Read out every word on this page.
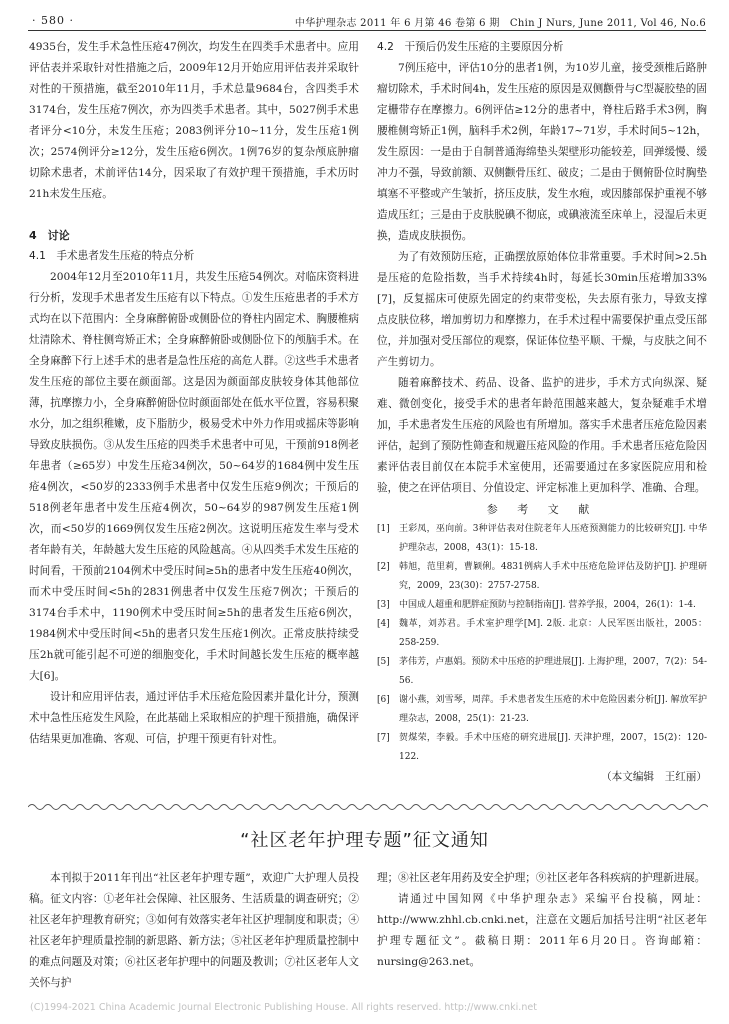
· 580 ·	中华护理杂志 2011 年 6 月第 46 卷第 6 期　Chin J Nurs, June 2011, Vol 46, No.6

4935台，发生手术急性压疮47例次，均发生在四类手术患者中。应用评估表并采取针对性措施之后，2009年12月开始应用评估表并采取针对性的干预措施，截至2010年11月，手术总量9684台，含四类手术3174台，发生压疮7例次，亦为四类手术患者。其中，5027例手术患者评分<10分，未发生压疮；2083例评分10~11分，发生压疮1例次；2574例评分≥12分，发生压疮6例次。1例76岁的复杂颅底肿瘤切除术患者，术前评估14分，因采取了有效护理干预措施，手术历时21h未发生压疮。

4　讨论

4.1　手术患者发生压疮的特点分析

2004年12月至2010年11月，共发生压疮54例次。对临床资料进行分析，发现手术患者发生压疮有以下特点。①发生压疮患者的手术方式均在以下范围内：全身麻醉俯卧或侧卧位的脊柱内固定术、胸腰椎病灶清除术、脊柱侧弯矫正术；全身麻醉俯卧或侧卧位下的颅脑手术。在全身麻醉下行上述手术的患者是急性压疮的高危人群。②这些手术患者发生压疮的部位主要在颜面部。这是因为颜面部皮肤较身体其他部位薄，抗摩擦力小，全身麻醉俯卧位时颜面部处在低水平位置，容易积聚水分，加之组织稚嫩，皮下脂肪少，极易受术中外力作用或摇床等影响导致皮肤损伤。③从发生压疮的四类手术患者中可见，干预前918例老年患者（≥65岁）中发生压疮34例次，50~64岁的1684例中发生压疮4例次，<50岁的2333例手术患者中仅发生压疮9例次；干预后的518例老年患者中发生压疮4例次，50~64岁的987例发生压疮1例次，而<50岁的1669例仅发生压疮2例次。这说明压疮发生率与受术者年龄有关，年龄越大发生压疮的风险越高。④从四类手术发生压疮的时间看，干预前2104例术中受压时间≥5h的患者中发生压疮40例次，而术中受压时间<5h的2831例患者中仅发生压疮7例次；干预后的3174台手术中，1190例术中受压时间≥5h的患者发生压疮6例次，1984例术中受压时间<5h的患者只发生压疮1例次。正常皮肤持续受压2h就可能引起不可逆的细胞变化，手术时间越长发生压疮的概率越大[6]。

设计和应用评估表，通过评估手术压疮危险因素并量化计分，预测术中急性压疮发生风险，在此基础上采取相应的护理干预措施，确保评估结果更加准确、客观、可信，护理干预更有针对性。

4.2　干预后仍发生压疮的主要原因分析

7例压疮中，评估10分的患者1例，为10岁儿童，接受颈椎后路肿瘤切除术，手术时间4h，发生压疮的原因是双侧颧骨与C型凝胶垫的固定栅带存在摩擦力。6例评估≥12分的患者中，脊柱后路手术3例，胸腰椎侧弯矫正1例，脑科手术2例，年龄17~71岁，手术时间5~12h，发生原因：一是由于自制普通海绵垫头架壁形功能较差，回弹缓慢、缓冲力不强，导致前额、双侧颧骨压红、破皮；二是由于侧俯卧位时胸垫填塞不平整或产生皱折，挤压皮肤，发生水疱，或因膝部保护重视不够造成压红；三是由于皮肤脱碘不彻底，或碘液流至床单上，浸湿后未更换，造成皮肤损伤。

为了有效预防压疮，正确摆放原始体位非常重要。手术时间>2.5h是压疮的危险指数，当手术持续4h时，每延长30min压疮增加33%[7]，反复摇床可使原先固定的约束带变松，失去原有张力，导致支撑点皮肤位移，增加剪切力和摩擦力，在手术过程中需要保护重点受压部位，并加强对受压部位的观察，保证体位垫平顺、干燥，与皮肤之间不产生剪切力。

随着麻醉技术、药品、设备、监护的进步，手术方式向纵深、疑难、微创变化，接受手术的患者年龄范围越来越大，复杂疑难手术增加，手术患者发生压疮的风险也有所增加。落实手术患者压疮危险因素评估，起到了预防性筛查和规避压疮风险的作用。手术患者压疮危险因素评估表目前仅在本院手术室使用，还需要通过在多家医院应用和检验，使之在评估项目、分值设定、评定标准上更加科学、准确、合理。

参 考 文 献

[1]	王彩凤，巫向前。3种评估表对住院老年人压疮预测能力的比较研究[J]. 中华护理杂志，2008，43(1)：15-18.
[2]	韩旭，范里莉，曹颖俐。4831例病人手术中压疮危险评估及防护[J]. 护理研究，2009，23(30)：2757-2758.
[3]	中国成人超重和肥胖症预防与控制指南[J]. 营养学报，2004，26(1)：1-4.
[4]	魏革，刘苏君。手术室护理学[M]. 2版. 北京：人民军医出版社，2005：258-259.
[5]	茅伟芳，卢惠娟。预防术中压疮的护理进展[J]. 上海护理，2007，7(2)：54-56.
[6]	谢小燕，刘雪琴，周萍。手术患者发生压疮的术中危险因素分析[J]. 解放军护理杂志，2008，25(1)：21-23.
[7]	贺煤荣，李毅。手术中压疮的研究进展[J]. 天津护理，2007，15(2)：120-122.

（本文编辑　王红丽）

“社区老年护理专题”征文通知

本刊拟于2011年刊出“社区老年护理专题”，欢迎广大护理人员投稿。征文内容：①老年社会保障、社区服务、生活质量的调查研究；②社区老年护理教育研究；③如何有效落实老年社区护理制度和职责；④社区老年护理质量控制的新思路、新方法；⑤社区老年护理质量控制中的难点问题及对策；⑥社区老年护理中的问题及教训；⑦社区老年人文关怀与护

理；⑧社区老年用药及安全护理；⑨社区老年各科疾病的护理新进展。

请通过中国知网《中华护理杂志》采编平台投稿，网址：http://www.zhhl.cb.cnki.net，注意在文题后加括号注明“社区老年护理专题征文”。截稿日期：2011年6月20日。咨询邮箱：nursing@263.net。

(C)1994-2021 China Academic Journal Electronic Publishing House. All rights reserved. http://www.cnki.net
